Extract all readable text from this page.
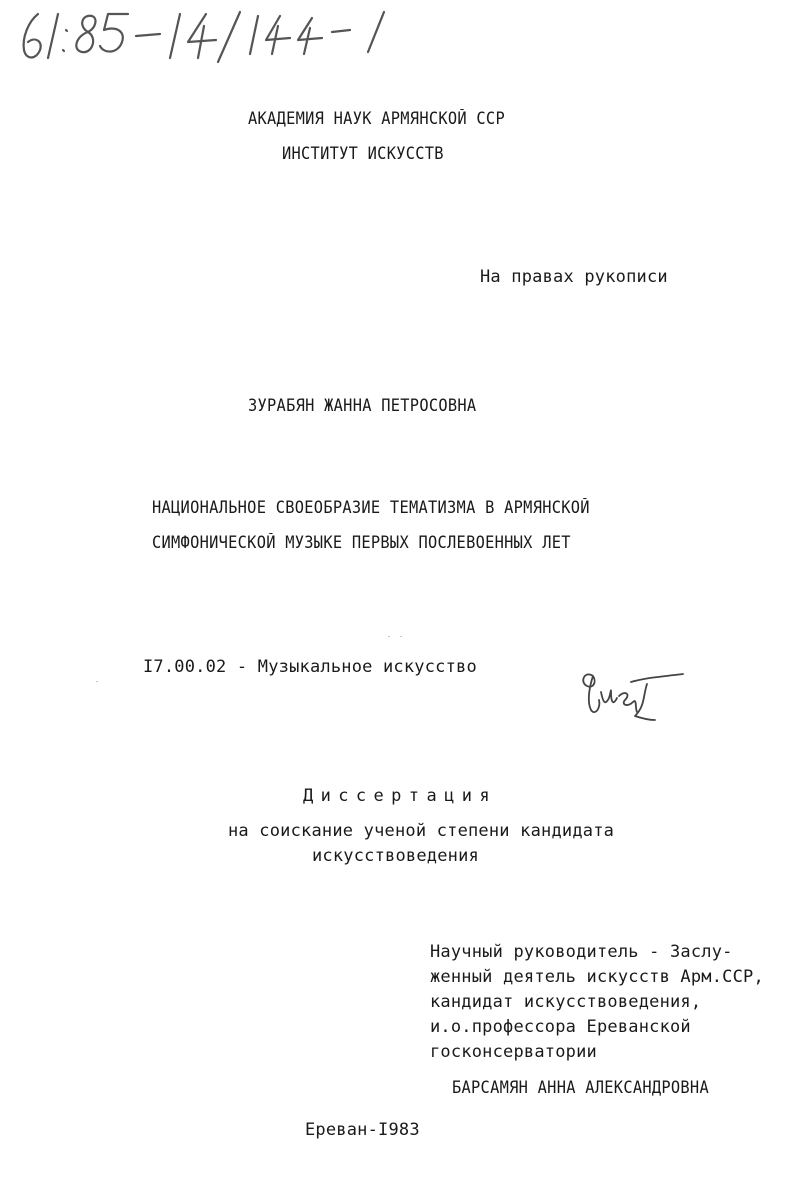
АКАДЕМИЯ НАУК АРМЯНСКОЙ ССР
ИНСТИТУТ ИСКУССТВ
На правах рукописи
ЗУРАБЯН ЖАННА ПЕТРОСОВНА
НАЦИОНАЛЬНОЕ СВОЕОБРАЗИЕ ТЕМАТИЗМА В АРМЯНСКОЙ
СИМФОНИЧЕСКОЙ МУЗЫКЕ ПЕРВЫХ ПОСЛЕВОЕННЫХ ЛЕТ
I7.00.02 - Музыкальное искусство
Диссертация
на соискание ученой степени кандидата
искусствоведения
Научный руководитель - Заслу-
женный деятель искусств Арм.ССР,
кандидат искусствоведения,
и.о.профессора Ереванской
госконсерватории
БАРСАМЯН АННА АЛЕКСАНДРОВНА
Ереван-I983
